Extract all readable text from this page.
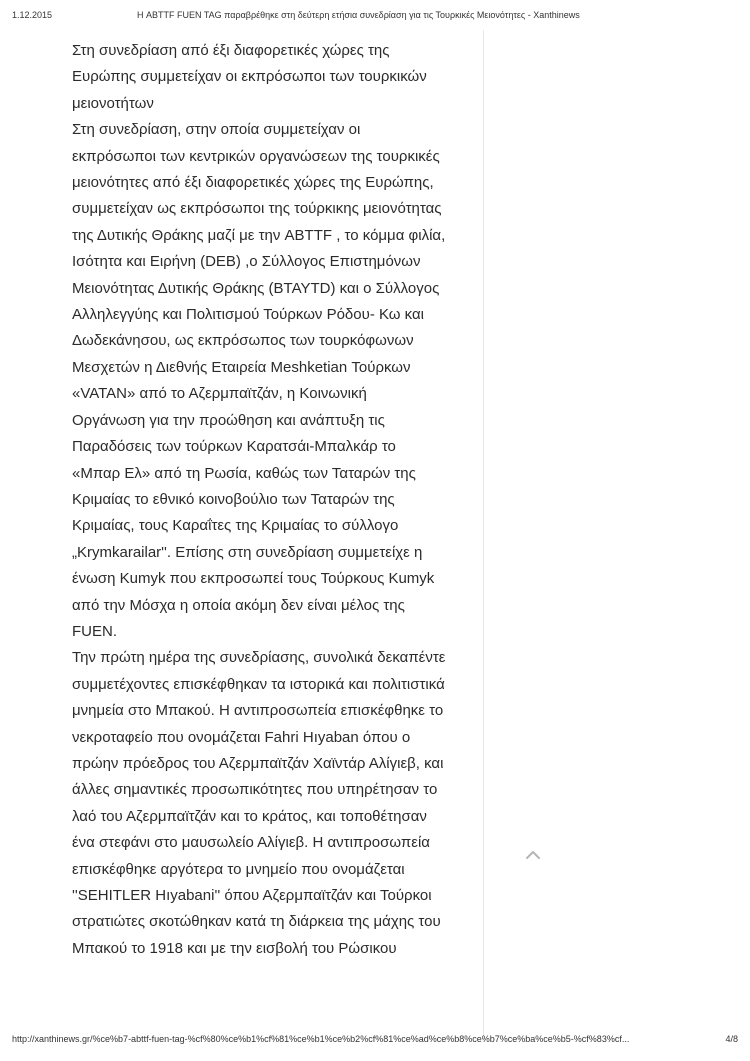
1.12.2015	Η ABTTF FUEN TAG παραβρέθηκε στη δεύτερη ετήσια συνεδρίαση για τις Τουρκικές Μειονότητες - Xanthinews

Στη συνεδρίαση από έξι διαφορετικές χώρες της

Ευρώπης συμμετείχαν οι εκπρόσωποι των τουρκικών

μειονοτήτων

Στη συνεδρίαση, στην οποία συμμετείχαν οι

εκπρόσωποι των κεντρικών οργανώσεων της τουρκικές

μειονότητες από έξι διαφορετικές χώρες της Ευρώπης,

συμμετείχαν ως εκπρόσωποι της τούρκικης μειονότητας

της Δυτικής Θράκης μαζί με την ABTTF , το κόμμα φιλία,

Ισότητα και Ειρήνη (DEB) ,ο Σύλλογος Επιστημόνων

Μειονότητας Δυτικής Θράκης (BTAYTD) και ο Σύλλογος

Αλληλεγγύης και Πολιτισμού Τούρκων Ρόδου- Κω και

Δωδεκάνησου, ως εκπρόσωπος των τουρκόφωνων

Μεσχετών η Διεθνής Εταιρεία Meshketian Τούρκων

«VATAN» από το Αζερμπαϊτζάν, η Κοινωνική

Οργάνωση για την προώθηση και ανάπτυξη τις

Παραδόσεις των τούρκων Καρατσάι-Μπαλκάρ το

«Μπαρ Ελ» από τη Ρωσία, καθώς των Ταταρών της

Κριμαίας το εθνικό κοινοβούλιο των Ταταρών της

Κριμαίας, τους Καραΐτες της Κριμαίας το σύλλογο

„Krymkarailar''. Επίσης στη συνεδρίαση συμμετείχε η

ένωση Kumyk που εκπροσωπεί τους Τούρκους Kumyk

από την Μόσχα η οποία ακόμη δεν είναι μέλος της

FUEN.

Την πρώτη ημέρα της συνεδρίασης, συνολικά δεκαπέντε

συμμετέχοντες επισκέφθηκαν τα ιστορικά και πολιτιστικά

μνημεία στο Μπακού. Η αντιπροσωπεία επισκέφθηκε το

νεκροταφείο που ονομάζεται Fahri Hıyaban όπου ο

πρώην πρόεδρος του Αζερμπαϊτζάν Χαϊντάρ Αλίγιεβ, και

άλλες σημαντικές προσωπικότητες που υπηρέτησαν το

λαό του Αζερμπαϊτζάν και το κράτος, και τοποθέτησαν

ένα στεφάνι στο μαυσωλείο Αλίγιεβ. Η αντιπροσωπεία

επισκέφθηκε αργότερα το μνημείο που ονομάζεται

''SEHITLER Hıyabani'' όπου Αζερμπαϊτζάν και Τούρκοι

στρατιώτες σκοτώθηκαν κατά τη διάρκεια της μάχης του

Μπακού το 1918 και με την εισβολή του Ρώσικου

http://xanthinews.gr/%ce%b7-abttf-fuen-tag-%cf%80%ce%b1%cf%81%ce%b1%ce%b2%cf%81%ce%ad%ce%b8%ce%b7%ce%ba%ce%b5-%cf%83%cf...	4/8
